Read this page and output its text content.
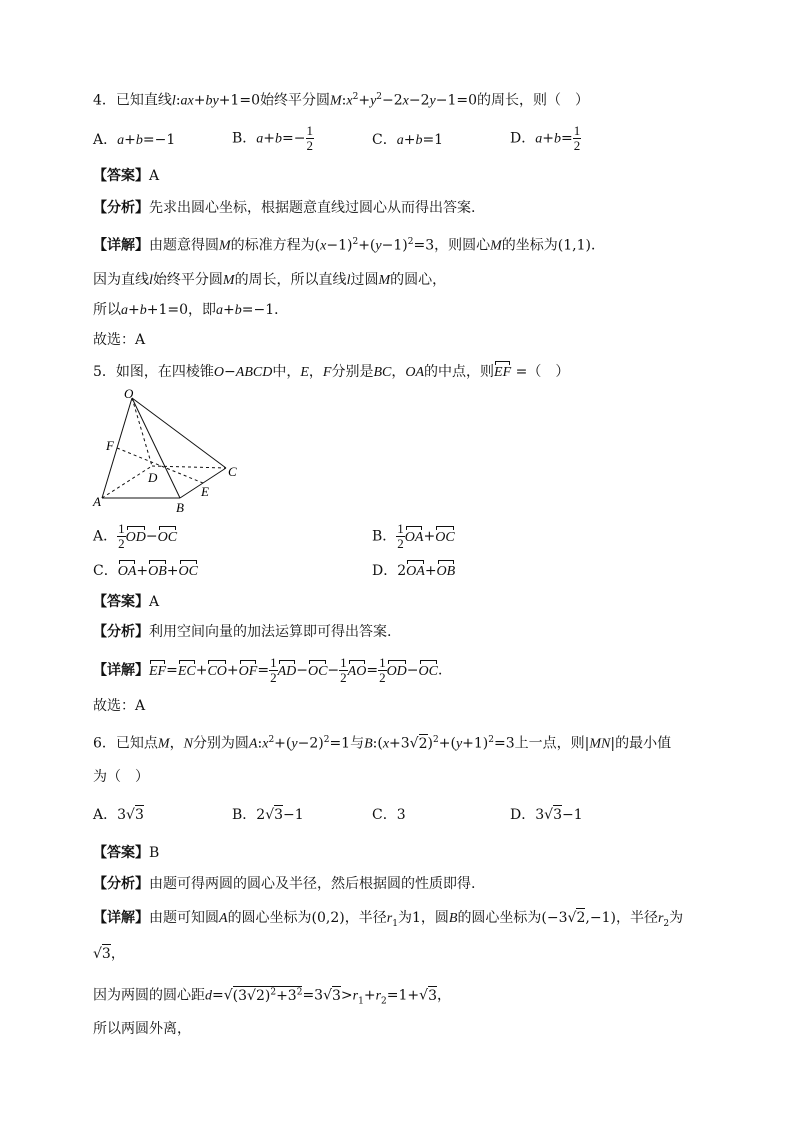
4．已知直线l:ax+by+1=0始终平分圆$M:x^2+y^2-2x-2y-1=0$的周长，则（　）
A．a+b=−1	B．$a+b=- \frac{1}{2}$	C．a+b=1	D．$a+b= \frac{1}{2}$
【答案】A
【分析】先求出圆心坐标，根据题意直线过圆心从而得出答案.
【详解】由题意得圆M的标准方程为$(x-1)^2+(y-1)^2=3$，则圆心M的坐标为(1,1)．
因为直线l始终平分圆M的周长，所以直线l过圆M的圆心，
所以a+b+1=0，即a+b=−1．
故选：A
5．如图，在四棱锥O−ABCD中，E，F分别是BC，OA的中点，则EF =（　）
O
F
D	C
A	B
E
A． $\frac{1}{2} OD-OC$	B． $\frac{1}{2} OA+OC$
C．OA+OB+OC	D．2OA+OB
【答案】A
【分析】利用空间向量的加法运算即可得出答案.
【详解】$EF=EC+CO+OF= \frac{1}{2} AD-OC- \frac{1}{2} AO= \frac{1}{2} OD-OC$．
故选：A
6．已知点M，N分别为圆$A:x^2+(y-2)^2=1$与$B:(x+3√2)^2+(y+1)^2=3$上一点，则|MN|的最小值
为（　）
A．3√3	B．2√3−1	C．3	D．3√3−1
【答案】B
【分析】由题可得两圆的圆心及半径，然后根据圆的性质即得.
【详解】由题可知圆A的圆心坐标为(0,2)，半径$r_1$为1，圆B的圆心坐标为(−3√2,−1)，半径$r_2$为
√3，
因为两圆的圆心距$d=√(3√2)^2+3^2=3√3>r_1+r_2=1+√3$，
所以两圆外离，
